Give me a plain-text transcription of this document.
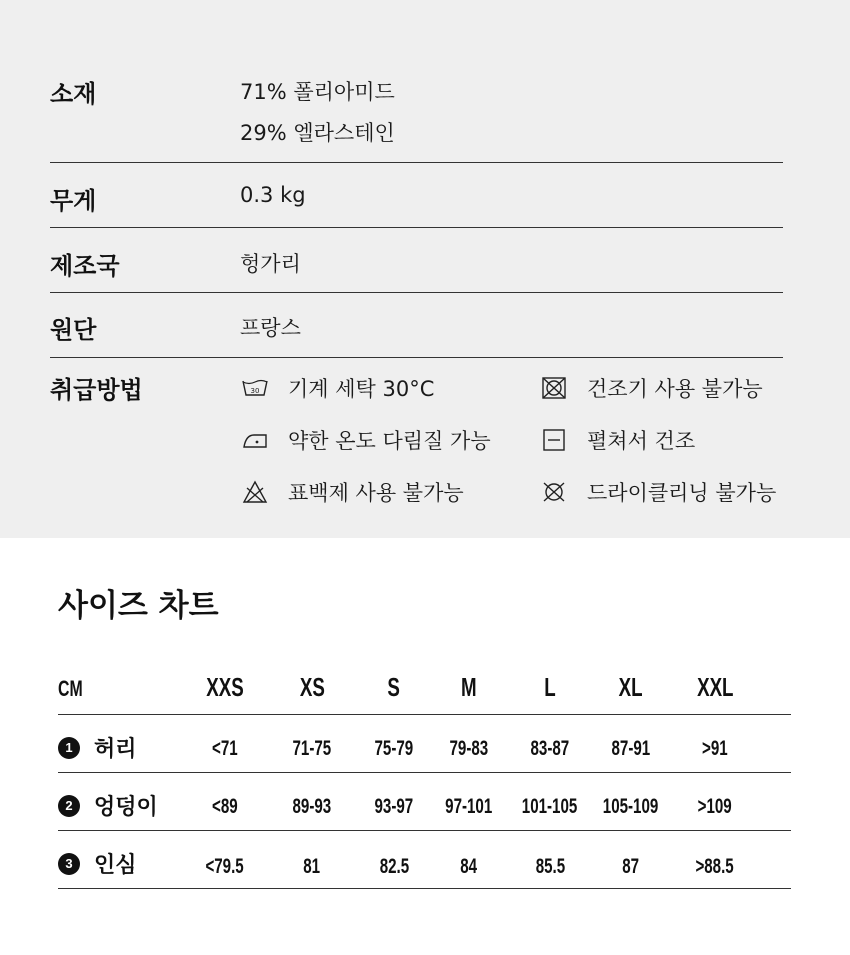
소재	71% 폴리아미드
29% 엘라스테인
무게	0.3 kg
제조국	헝가리
원단	프랑스
취급방법	30 기계 세탁 30°C	건조기 사용 불가능
약한 온도 다림질 가능	펼쳐서 건조
표백제 사용 불가능	드라이클리닝 불가능
사이즈 차트
CM	XXS	XS	S	M	L	XL	XXL
1 허리	<71	71-75	75-79	79-83	83-87	87-91	>91
2 엉덩이	<89	89-93	93-97	97-101	101-105	105-109	>109
3 인심	<79.5	81	82.5	84	85.5	87	>88.5
